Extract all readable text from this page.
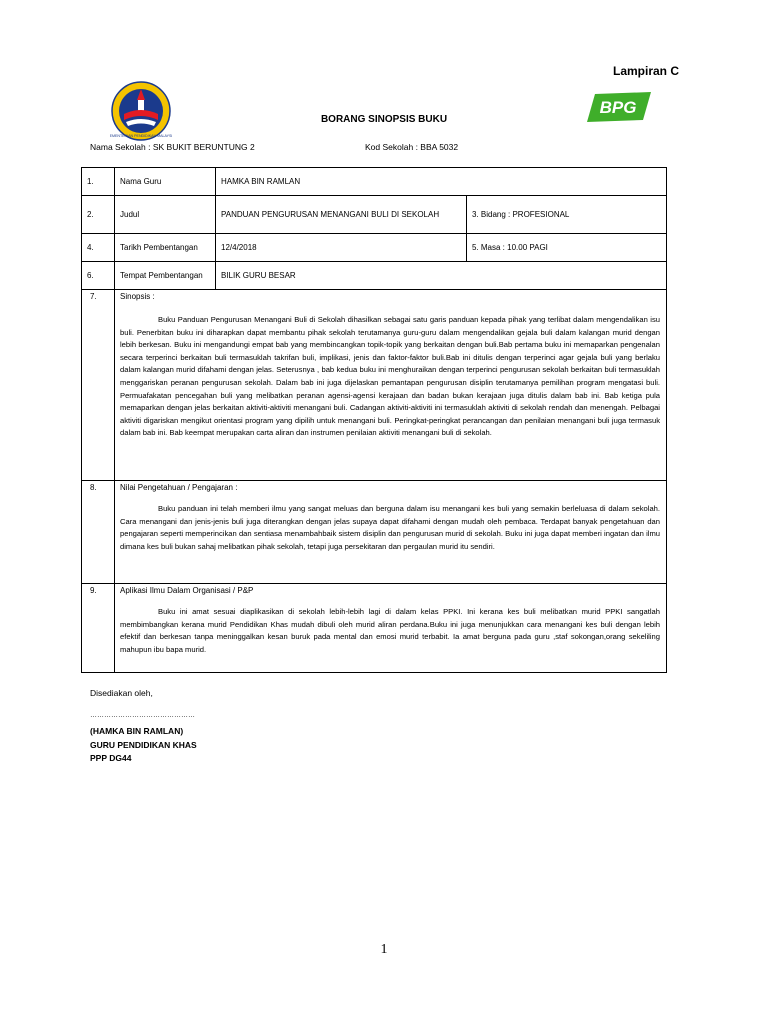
Lampiran C
KEMENTERIAN PENDIDIKAN MALAYSIA
BPG
BORANG SINOPSIS BUKU
Nama Sekolah : SK BUKIT BERUNTUNG 2	Kod Sekolah : BBA 5032
1.	Nama Guru	HAMKA BIN RAMLAN	
2.	Judul	PANDUAN PENGURUSAN MENANGANI BULI DI SEKOLAH	3. Bidang : PROFESIONAL
4.	Tarikh Pembentangan	12/4/2018	5. Masa : 10.00 PAGI
6.	Tempat Pembentangan	BILIK GURU BESAR	
7.	Sinopsis :

Buku Panduan Pengurusan Menangani Buli di Sekolah dihasilkan sebagai satu garis panduan kepada pihak yang terlibat dalam mengendalikan isu buli. Penerbitan buku ini diharapkan dapat membantu pihak sekolah terutamanya guru-guru dalam mengendalikan gejala buli dalam kalangan murid dengan lebih berkesan. Buku ini mengandungi empat bab yang membincangkan topik-topik yang berkaitan dengan buli.Bab pertama buku ini memaparkan pengenalan secara terperinci berkaitan buli termasuklah takrifan buli, implikasi, jenis dan faktor-faktor buli.Bab ini ditulis dengan terperinci agar gejala buli yang berlaku dalam kalangan murid difahami dengan jelas. Seterusnya , bab kedua buku ini menghuraikan dengan terperinci pengurusan sekolah berkaitan buli termasuklah menggariskan peranan pengurusan sekolah. Dalam bab ini juga dijelaskan pemantapan pengurusan disiplin terutamanya pemilihan program mengatasi buli. Permuafakatan pencegahan buli yang melibatkan peranan agensi-agensi kerajaan dan badan bukan kerajaan juga ditulis dalam bab ini. Bab ketiga pula memaparkan dengan jelas berkaitan aktiviti-aktiviti menangani buli. Cadangan aktiviti-aktiviti ini termasuklah aktiviti di sekolah rendah dan menengah. Pelbagai aktiviti digariskan mengikut orientasi program yang dipilih untuk menangani buli. Peringkat-peringkat perancangan dan penilaian menangani buli juga termasuk dalam bab ini. Bab keempat merupakan carta aliran dan instrumen penilaian aktiviti menangani buli di sekolah.		

8.	Nilai Pengetahuan / Pengajaran :

Buku panduan ini telah memberi ilmu yang sangat meluas dan berguna dalam isu menangani kes buli yang semakin berleluasa di dalam sekolah. Cara menangani dan jenis-jenis buli juga diterangkan dengan jelas supaya dapat difahami dengan mudah oleh pembaca. Terdapat banyak pengetahuan dan pengajaran seperti memperincikan dan sentiasa menambahbaik sistem disiplin dan pengurusan murid di sekolah. Buku ini juga dapat memberi ingatan dan ilmu dimana kes buli bukan sahaj melibatkan pihak sekolah, tetapi juga persekitaran dan pergaulan murid itu sendiri.		

9.	Aplikasi Ilmu Dalam Organisasi / P&P

Buku ini amat sesuai diaplikasikan di sekolah lebih-lebih lagi di dalam kelas PPKI. Ini kerana kes buli melibatkan murid PPKI sangatlah membimbangkan kerana murid Pendidikan Khas mudah dibuli oleh murid aliran perdana.Buku ini juga menunjukkan cara menangani kes buli dengan lebih efektif dan berkesan tanpa meninggalkan kesan buruk pada mental dan emosi murid terbabit. Ia amat berguna pada guru ,staf sokongan,orang sekeliling mahupun ibu bapa murid.		

Disediakan oleh,
………………………………………
(HAMKA BIN RAMLAN)
GURU PENDIDIKAN KHAS
PPP DG44
1
